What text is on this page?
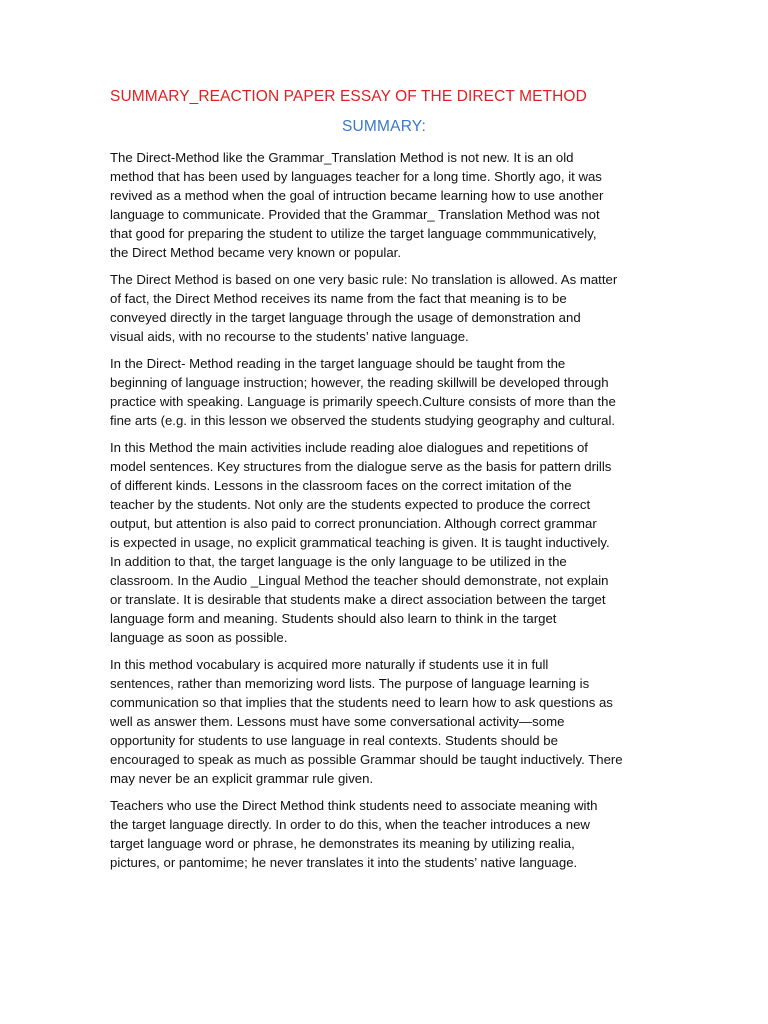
SUMMARY_REACTION PAPER ESSAY OF THE DIRECT METHOD
SUMMARY:

The Direct-Method like the Grammar_Translation Method is not new. It is an old
method that has been used by languages teacher for a long time. Shortly ago, it was
revived as a method when the goal of intruction became learning how to use another
language to communicate. Provided that the Grammar_ Translation Method was not
that good for preparing the student to utilize the target language commmunicatively,
the Direct Method became very known or popular.

The Direct Method is based on one very basic rule: No translation is allowed. As matter
of fact, the Direct Method receives its name from the fact that meaning is to be
conveyed directly in the target language through the usage of demonstration and
visual aids, with no recourse to the students’ native language.

In the Direct- Method reading in the target language should be taught from the
beginning of language instruction; however, the reading skillwill be developed through
practice with speaking. Language is primarily speech.Culture consists of more than the
fine arts (e.g. in this lesson we observed the students studying geography and cultural.

In this Method the main activities include reading aloe dialogues and repetitions of
model sentences. Key structures from the dialogue serve as the basis for pattern drills
of different kinds. Lessons in the classroom faces on the correct imitation of the
teacher by the students. Not only are the students expected to produce the correct
output, but attention is also paid to correct pronunciation. Although correct grammar
is expected in usage, no explicit grammatical teaching is given. It is taught inductively.
In addition to that, the target language is the only language to be utilized in the
classroom. In the Audio _Lingual Method the teacher should demonstrate, not explain
or translate. It is desirable that students make a direct association between the target
language form and meaning. Students should also learn to think in the target
language as soon as possible.

In this method vocabulary is acquired more naturally if students use it in full
sentences, rather than memorizing word lists. The purpose of language learning is
communication so that implies that the students need to learn how to ask questions as
well as answer them. Lessons must have some conversational activity—some
opportunity for students to use language in real contexts. Students should be
encouraged to speak as much as possible Grammar should be taught inductively. There
may never be an explicit grammar rule given.

Teachers who use the Direct Method think students need to associate meaning with
the target language directly. In order to do this, when the teacher introduces a new
target language word or phrase, he demonstrates its meaning by utilizing realia,
pictures, or pantomime; he never translates it into the students’ native language.
